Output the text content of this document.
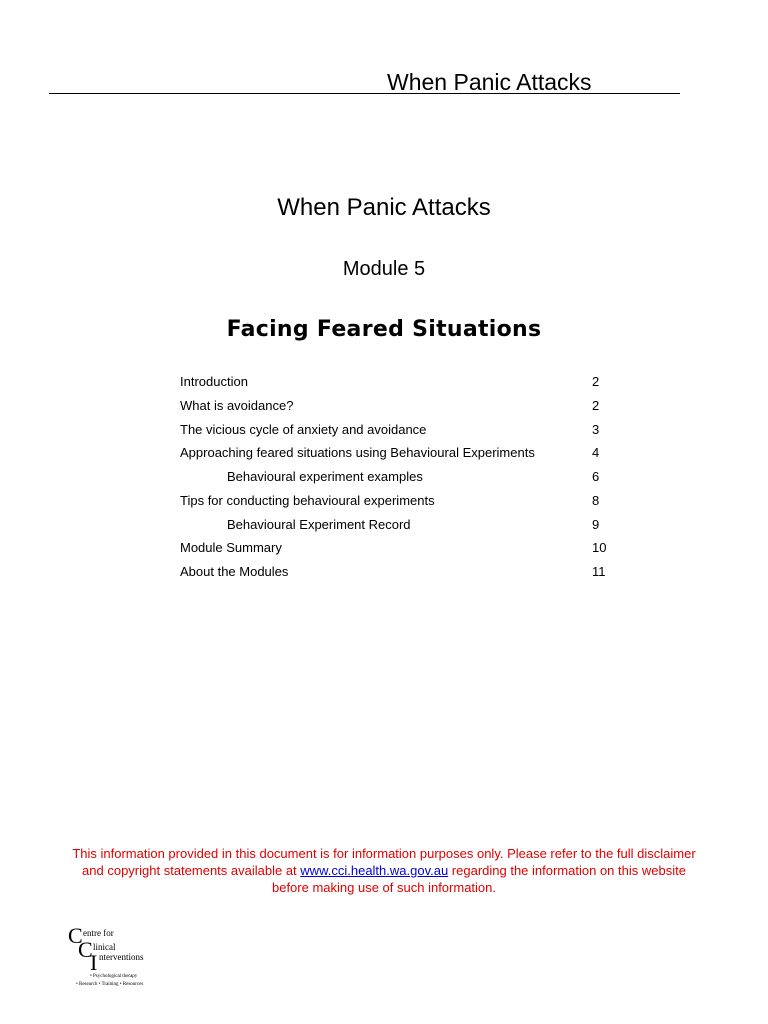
When Panic Attacks
When Panic Attacks
Module 5
Facing Feared Situations
Introduction	2
What is avoidance?	2
The vicious cycle of anxiety and avoidance	3
Approaching feared situations using Behavioural Experiments	4
Behavioural experiment examples	6
Tips for conducting behavioural experiments	8
Behavioural Experiment Record	9
Module Summary	10
About the Modules	11
This information provided in this document is for information purposes only. Please refer to the full disclaimer and copyright statements available at www.cci.health.wa.gov.au regarding the information on this website before making use of such information.
C entre for
C linical
I nterventions
• Psychological therapy
• Research • Training • Resources
